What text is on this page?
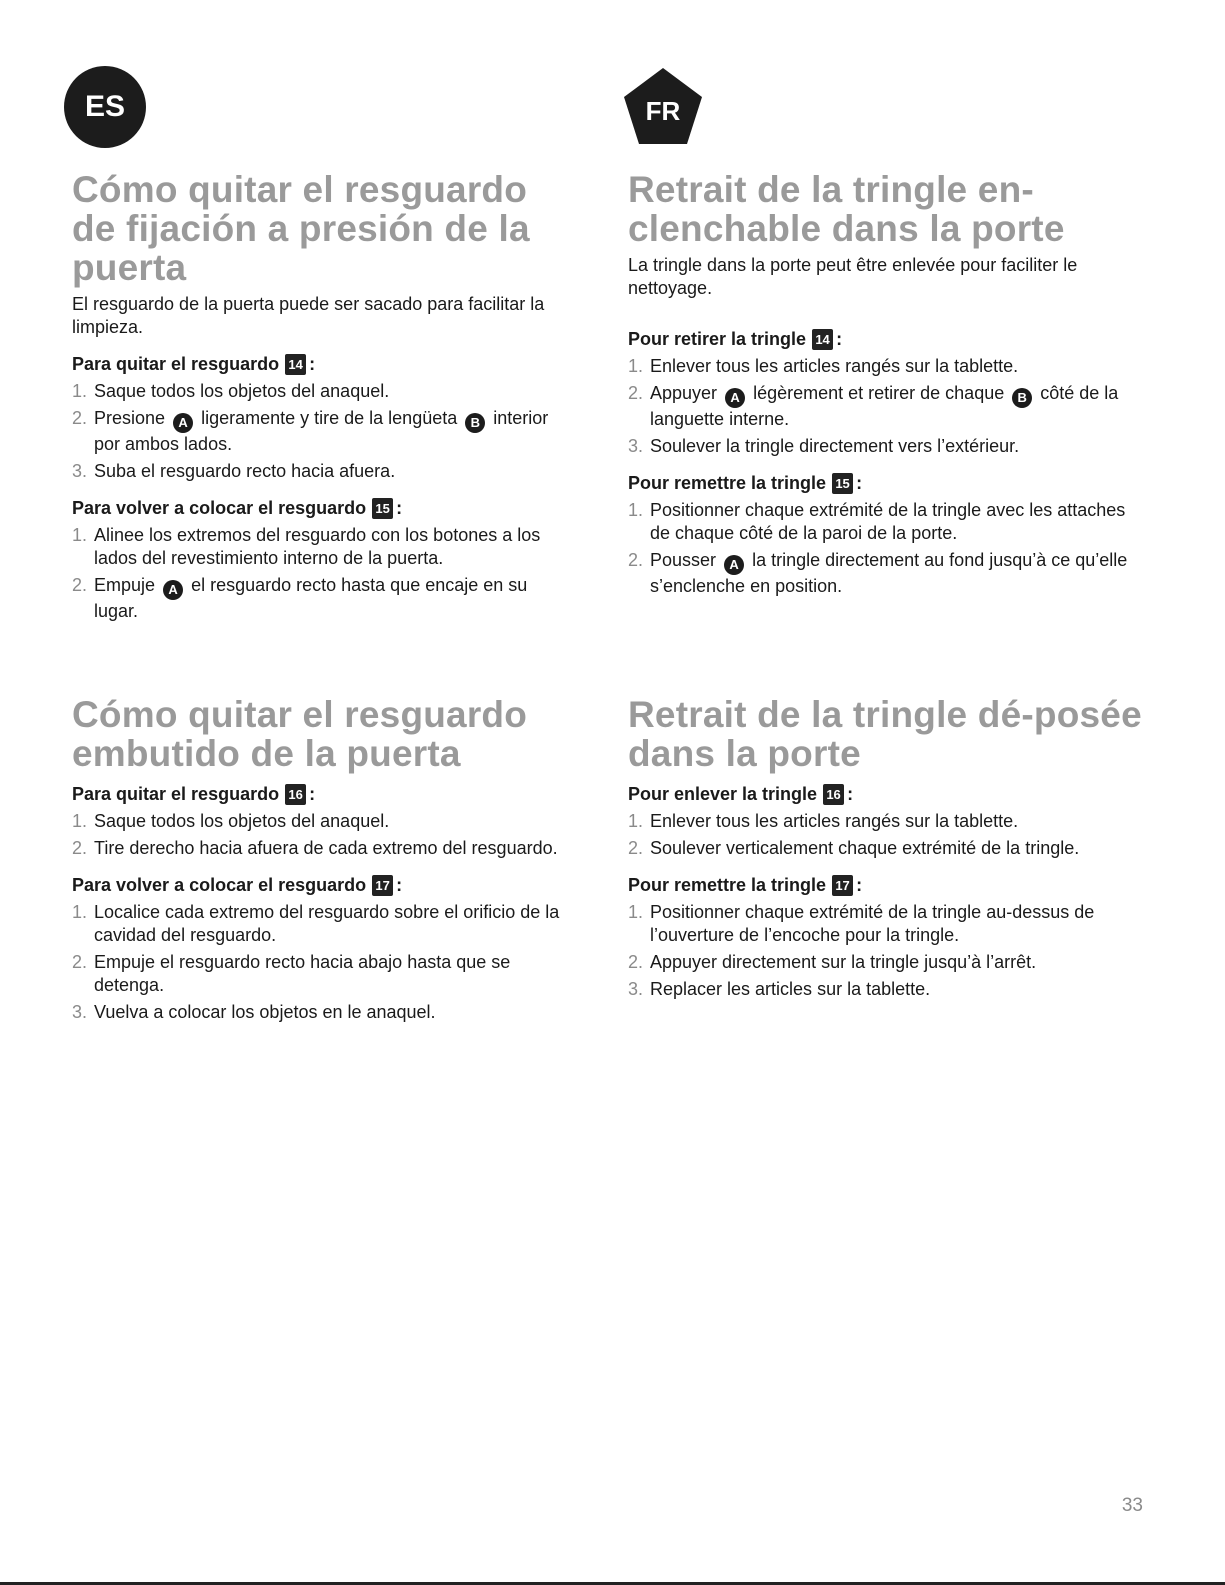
ES	FR
Cómo quitar el resguardo de fijación a presión de la puerta

El resguardo de la puerta puede ser sacado para facilitar la limpieza.

Para quitar el resguardo 14 :
1. Saque todos los objetos del anaquel.
2. Presione A ligeramente y tire de la lengüeta B interior por ambos lados.
3. Suba el resguardo recto hacia afuera.
Para volver a colocar el resguardo 15 :
1. Alinee los extremos del resguardo con los botones a los lados del revestimiento interno de la puerta.
2. Empuje A el resguardo recto hasta que encaje en su lugar.
Retrait de la tringle en-clenchable dans la porte

La tringle dans la porte peut être enlevée pour faciliter le nettoyage.

Pour retirer la tringle 14 :
1. Enlever tous les articles rangés sur la tablette.
2. Appuyer A légèrement et retirer de chaque B côté de la languette interne.
3. Soulever la tringle directement vers l’extérieur.
Pour remettre la tringle 15 :
1. Positionner chaque extrémité de la tringle avec les attaches de chaque côté de la paroi de la porte.
2. Pousser A la tringle directement au fond jusqu’à ce qu’elle s’enclenche en position.
Cómo quitar el resguardo embutido de la puerta
Para quitar el resguardo 16 :
1. Saque todos los objetos del anaquel.
2. Tire derecho hacia afuera de cada extremo del resguardo.
Para volver a colocar el resguardo 17 :
1. Localice cada extremo del resguardo sobre el orificio de la cavidad del resguardo.
2. Empuje el resguardo recto hacia abajo hasta que se detenga.
3. Vuelva a colocar los objetos en le anaquel.
Retrait de la tringle dé-posée dans la porte
Pour enlever la tringle 16 :
1. Enlever tous les articles rangés sur la tablette.
2. Soulever verticalement chaque extrémité de la tringle.
Pour remettre la tringle 17 :
1. Positionner chaque extrémité de la tringle au-dessus de l’ouverture de l’encoche pour la tringle.
2. Appuyer directement sur la tringle jusqu’à l’arrêt.
3. Replacer les articles sur la tablette.
33
